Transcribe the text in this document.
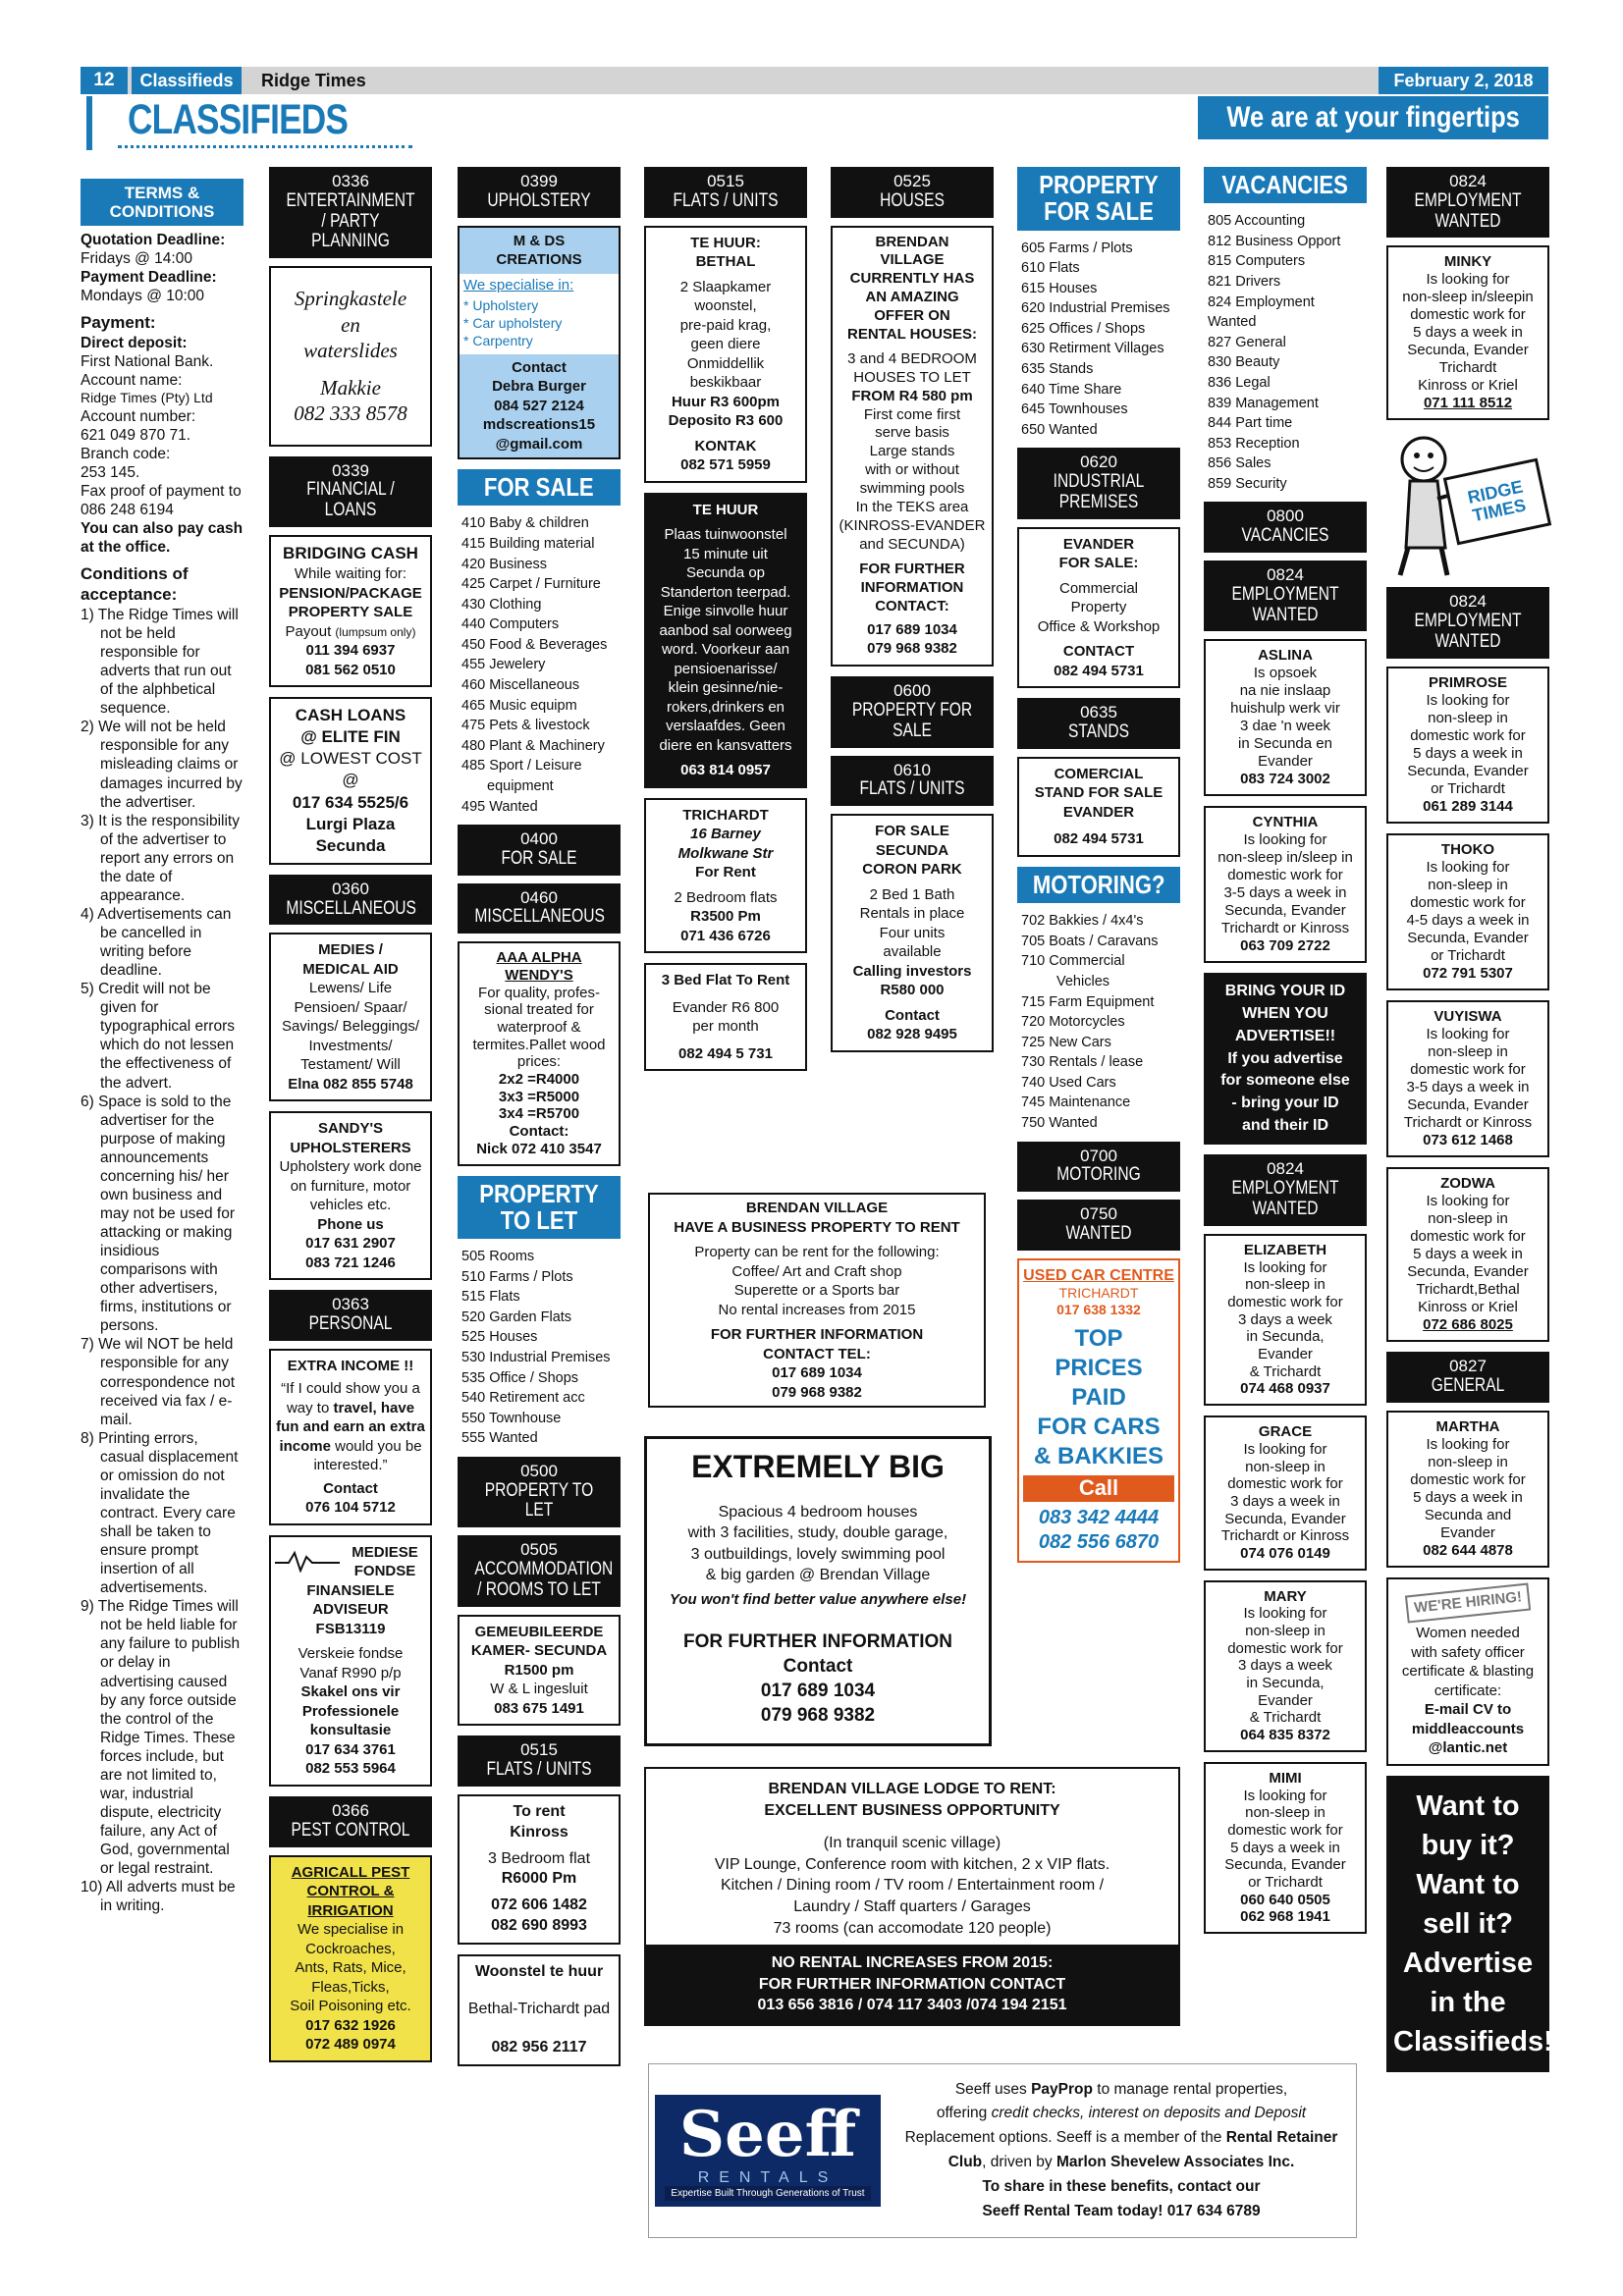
12	Classifieds	Ridge Times	February 2, 2018
CLASSIFIEDS	We are at your fingertips
TERMS & CONDITIONS

Quotation Deadline:

Fridays @ 14:00

Payment Deadline:

Mondays @ 10:00

Payment:

Direct deposit:

First National Bank.

Account name:

Ridge Times (Pty) Ltd

Account number:

621 049 870 71.

Branch code:

253 145.

Fax proof of payment to 086 248 6194

You can also pay cash at the office.

Conditions of acceptance:

1) The Ridge Times will not be held responsible for adverts that run out of the alphbetical sequence.
2) We will not be held responsible for any misleading claims or damages incurred by the advertiser.
3) It is the responsibility of the advertiser to report any errors on the date of appearance.
4) Advertisements can be cancelled in writing before deadline.
5) Credit will not be given for typographical errors which do not lessen the effectiveness of the advert.
6) Space is sold to the advertiser for the purpose of making announcements concerning his/ her own business and may not be used for attacking or making insidious comparisons with other advertisers, firms, institutions or persons.
7) We wil NOT be held responsible for any correspondence not received via fax / e-mail.
8) Printing errors, casual displacement or omission do not invalidate the contract. Every care shall be taken to ensure prompt insertion of all advertisements.
9) The Ridge Times will not be held liable for any failure to publish or delay in advertising caused by any force outside the control of the Ridge Times. These forces include, but are not limited to, war, industrial dispute, electricity failure, any Act of God, governmental or legal restraint.
10) All adverts must be in writing.
0336
ENTERTAINMENT / PARTY PLANNING
Springkastele
en
waterslides
Makkie
082 333 8578
0339
FINANCIAL / LOANS
BRIDGING CASH
While waiting for:
PENSION/PACKAGE
PROPERTY SALE
Payout (lumpsum only)
011 394 6937
081 562 0510
CASH LOANS
@ ELITE FIN
@ LOWEST COST
@
017 634 5525/6
Lurgi Plaza
Secunda
0360
MISCELLANEOUS
MEDIES /
MEDICAL AID
Lewens/ Life
Pensioen/ Spaar/
Savings/ Beleggings/
Investments/
Testament/ Will
Elna 082 855 5748
SANDY'S
UPHOLSTERERS
Upholstery work done on furniture, motor vehicles etc.
Phone us
017 631 2907
083 721 1246
0363
PERSONAL
EXTRA INCOME !!
“If I could show you a way to travel, have fun and earn an extra income would you be interested.”
Contact
076 104 5712
MEDIESE
FONDSE
FINANSIELE
ADVISEUR
FSB13119
Verskeie fondse
Vanaf R990 p/p
Skakel ons vir
Professionele
konsultasie
017 634 3761
082 553 5964
0366
PEST CONTROL
AGRICALL PEST
CONTROL &
IRRIGATION
We specialise in
Cockroaches,
Ants, Rats, Mice,
Fleas,Ticks,
Soil Poisoning etc.
017 632 1926
072 489 0974
0399
UPHOLSTERY
M & DS
CREATIONS
We specialise in:
* Upholstery
* Car upholstery
* Carpentry
Contact
Debra Burger
084 527 2124
mdscreations15
@gmail.com
FOR SALE
410 Baby & children
415 Building material
420 Business
425 Carpet / Furniture
430 Clothing
440 Computers
450 Food & Beverages
455 Jewelery
460 Miscellaneous
465 Music equipm
475 Pets & livestock
480 Plant & Machinery
485 Sport / Leisure
equipment
495 Wanted
0400
FOR SALE
0460
MISCELLANEOUS
AAA ALPHA
WENDY'S
For quality, profes-
sional treated for
waterproof &
termites.Pallet wood
prices:
2x2 =R4000
3x3 =R5000
3x4 =R5700
Contact:
Nick 072 410 3547
PROPERTY TO LET
505 Rooms
510 Farms / Plots
515 Flats
520 Garden Flats
525 Houses
530 Industrial Premises
535 Office / Shops
540 Retirement acc
550 Townhouse
555 Wanted
0500
PROPERTY TO LET
0505
ACCOMMODATION / ROOMS TO LET
GEMEUBILEERDE
KAMER- SECUNDA
R1500 pm
W & L ingesluit
083 675 1491
0515
FLATS / UNITS
To rent
Kinross
3 Bedroom flat
R6000 Pm
072 606 1482
082 690 8993
Woonstel te huur
Bethal-Trichardt pad
082 956 2117
0515
FLATS / UNITS
TE HUUR:
BETHAL
2 Slaapkamer
woonstel,
pre-paid krag,
geen diere
Onmiddellik
beskikbaar
Huur R3 600pm
Deposito R3 600
KONTAK
082 571 5959
TE HUUR
Plaas tuinwoonstel
15 minute uit
Secunda op
Standerton teerpad.
Enige sinvolle huur
aanbod sal oorweeg
word. Voorkeur aan
pensioenarisse/
klein gesinne/nie-
rokers,drinkers en
verslaafdes. Geen
diere en kansvatters
063 814 0957
TRICHARDT
16 Barney
Molkwane Str
For Rent
2 Bedroom flats
R3500 Pm
071 436 6726
3 Bed Flat To Rent
Evander R6 800
per month
082 494 5 731
0525
HOUSES
BRENDAN
VILLAGE
CURRENTLY HAS
AN AMAZING
OFFER ON
RENTAL HOUSES:
3 and 4 BEDROOM
HOUSES TO LET
FROM R4 580 pm
First come first
serve basis
Large stands
with or without
swimming pools
In the TEKS area
(KINROSS-EVANDER
and SECUNDA)
FOR FURTHER
INFORMATION
CONTACT:
017 689 1034
079 968 9382
0600
PROPERTY FOR SALE
0610
FLATS / UNITS
FOR SALE
SECUNDA
CORON PARK
2 Bed 1 Bath
Rentals in place
Four units
available
Calling investors
R580 000
Contact
082 928 9495
BRENDAN VILLAGE
HAVE A BUSINESS PROPERTY TO RENT
Property can be rent for the following:
Coffee/ Art and Craft shop
Superette or a Sports bar
No rental increases from 2015
FOR FURTHER INFORMATION
CONTACT TEL:
017 689 1034
079 968 9382
EXTREMELY BIG
Spacious 4 bedroom houses
with 3 facilities, study, double garage,
3 outbuildings, lovely swimming pool
& big garden @ Brendan Village
You won't find better value anywhere else!
FOR FURTHER INFORMATION
Contact
017 689 1034
079 968 9382
BRENDAN VILLAGE LODGE TO RENT:
EXCELLENT BUSINESS OPPORTUNITY
(In tranquil scenic village)
VIP Lounge, Conference room with kitchen, 2 x VIP flats.
Kitchen / Dining room / TV room / Entertainment room /
Laundry / Staff quarters / Garages
73 rooms (can accomodate 120 people)
NO RENTAL INCREASES FROM 2015:
FOR FURTHER INFORMATION CONTACT
013 656 3816 / 074 117 3403 /074 194 2151
Seeff
RENTALS
Expertise Built Through Generations of Trust
Seeff uses PayProp to manage rental properties,
offering credit checks, interest on deposits and Deposit
Replacement options. Seeff is a member of the Rental Retainer
Club, driven by Marlon Shevelew Associates Inc.
To share in these benefits, contact our
Seeff Rental Team today! 017 634 6789
PROPERTY FOR SALE
605 Farms / Plots
610 Flats
615 Houses
620 Industrial Premises
625 Offices / Shops
630 Retirment Villages
635 Stands
640 Time Share
645 Townhouses
650 Wanted
0620
INDUSTRIAL PREMISES
EVANDER
FOR SALE:
Commercial
Property
Office & Workshop
CONTACT
082 494 5731
0635
STANDS
COMERCIAL
STAND FOR SALE
EVANDER
082 494 5731
MOTORING?
702 Bakkies / 4x4's
705 Boats / Caravans
710 Commercial
Vehicles
715 Farm Equipment
720 Motorcycles
725 New Cars
730 Rentals / lease
740 Used Cars
745 Maintenance
750 Wanted
0700
MOTORING
0750
WANTED
USED CAR CENTRE
TRICHARDT
017 638 1332
TOP
PRICES
PAID
FOR CARS
& BAKKIES
Call
083 342 4444
082 556 6870
VACANCIES
805 Accounting
812 Business Opport
815 Computers
821 Drivers
824 Employment
Wanted
827 General
830 Beauty
836 Legal
839 Management
844 Part time
853 Reception
856 Sales
859 Security
0800
VACANCIES
0824
EMPLOYMENT WANTED
ASLINA
Is opsoek
na nie inslaap
huishulp werk vir
3 dae 'n week
in Secunda en
Evander
083 724 3002
CYNTHIA
Is looking for
non-sleep in/sleep in
domestic work for
3-5 days a week in
Secunda, Evander
Trichardt or Kinross
063 709 2722
BRING YOUR ID
WHEN YOU
ADVERTISE!!
If you advertise
for someone else
- bring your ID
and their ID
0824
EMPLOYMENT WANTED
ELIZABETH
Is looking for
non-sleep in
domestic work for
3 days a week
in Secunda,
Evander
& Trichardt
074 468 0937
GRACE
Is looking for
non-sleep in
domestic work for
3 days a week in
Secunda, Evander
Trichardt or Kinross
074 076 0149
MARY
Is looking for
non-sleep in
domestic work for
3 days a week
in Secunda,
Evander
& Trichardt
064 835 8372
MIMI
Is looking for
non-sleep in
domestic work for
5 days a week in
Secunda, Evander
or Trichardt
060 640 0505
062 968 1941
0824
EMPLOYMENT WANTED
MINKY
Is looking for
non-sleep in/sleepin
domestic work for
5 days a week in
Secunda, Evander
Trichardt
Kinross or Kriel
071 111 8512
RIDGE TIMES
0824
EMPLOYMENT WANTED
PRIMROSE
Is looking for
non-sleep in
domestic work for
5 days a week in
Secunda, Evander
or Trichardt
061 289 3144
THOKO
Is looking for
non-sleep in
domestic work for
4-5 days a week in
Secunda, Evander
or Trichardt
072 791 5307
VUYISWA
Is looking for
non-sleep in
domestic work for
3-5 days a week in
Secunda, Evander
Trichardt or Kinross
073 612 1468
ZODWA
Is looking for
non-sleep in
domestic work for
5 days a week in
Secunda, Evander
Trichardt,Bethal
Kinross or Kriel
072 686 8025
0827
GENERAL
MARTHA
Is looking for
non-sleep in
domestic work for
5 days a week in
Secunda and
Evander
082 644 4878
WE'RE HIRING!
Women needed
with safety officer
certificate & blasting
certificate:
E-mail CV to
middleaccounts
@lantic.net
Want to
buy it?
Want to
sell it?
Advertise
in the
Classifieds!
